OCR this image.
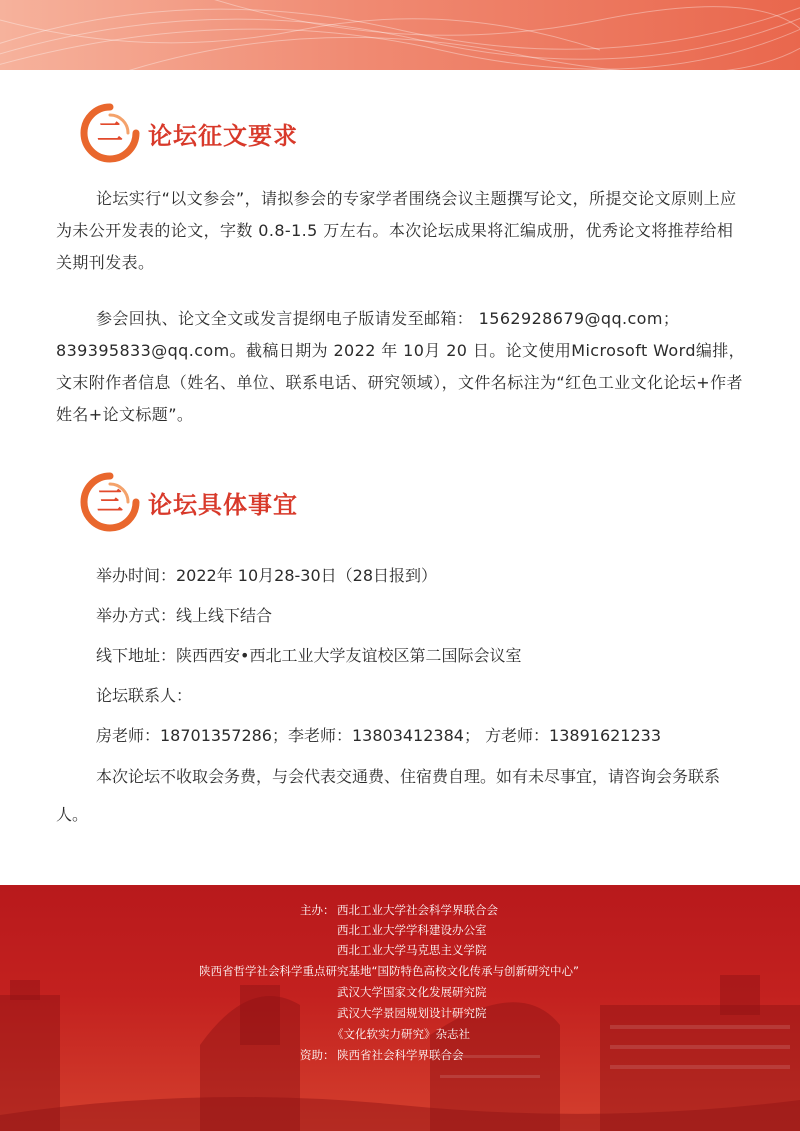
二 论坛征文要求
论坛实行“以文参会”，请拟参会的专家学者围绕会议主题撰写论文，所提交论文原则上应为未公开发表的论文，字数 0.8-1.5 万左右。本次论坛成果将汇编成册，优秀论文将推荐给相关期刊发表。
参会回执、论文全文或发言提纲电子版请发至邮箱： 1562928679@qq.com；839395833@qq.com。截稿日期为 2022 年 10月 20 日。论文使用Microsoft Word编排，文末附作者信息（姓名、单位、联系电话、研究领域），文件名标注为“红色工业文化论坛+作者姓名+论文标题”。
三 论坛具体事宜
举办时间：2022年 10月28-30日（28日报到）
举办方式：线上线下结合
线下地址：陕西西安•西北工业大学友谊校区第二国际会议室
论坛联系人：
房老师：18701357286；李老师：13803412384； 方老师：13891621233
本次论坛不收取会务费，与会代表交通费、住宿费自理。如有未尽事宜，请咨询会务联系人。
主办： 西北工业大学社会科学界联合会
西北工业大学学科建设办公室
西北工业大学马克思主义学院
陕西省哲学社会科学重点研究基地“国防特色高校文化传承与创新研究中心”
武汉大学国家文化发展研究院
武汉大学景园规划设计研究院
《文化软实力研究》杂志社
资助： 陕西省社会科学界联合会
